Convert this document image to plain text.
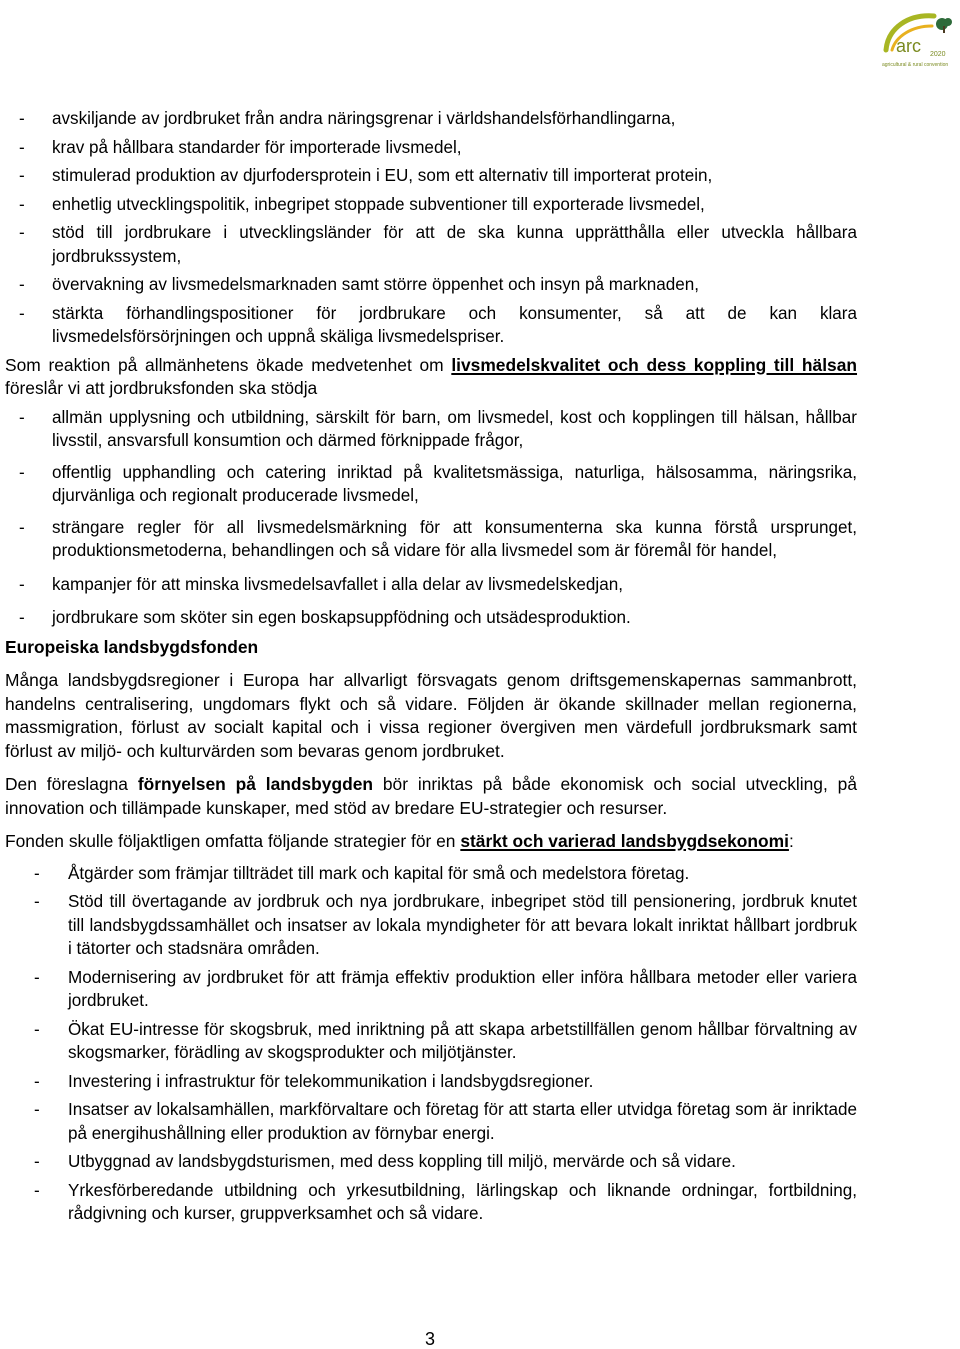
arc 2020
agricultural & rural convention
- avskiljande av jordbruket från andra näringsgrenar i världshandelsförhandlingarna,
- krav på hållbara standarder för importerade livsmedel,
- stimulerad produktion av djurfodersprotein i EU, som ett alternativ till importerat protein,
- enhetlig utvecklingspolitik, inbegripet stoppade subventioner till exporterade livsmedel,
- stöd till jordbrukare i utvecklingsländer för att de ska kunna upprätthålla eller utveckla hållbara jordbrukssystem,
- övervakning av livsmedelsmarknaden samt större öppenhet och insyn på marknaden,
- stärkta förhandlingspositioner för jordbrukare och konsumenter, så att de kan klara livsmedelsförsörjningen och uppnå skäliga livsmedelspriser.

Som reaktion på allmänhetens ökade medvetenhet om livsmedelskvalitet och dess koppling till hälsan föreslår vi att jordbruksfonden ska stödja

- allmän upplysning och utbildning, särskilt för barn, om livsmedel, kost och kopplingen till hälsan, hållbar livsstil, ansvarsfull konsumtion och därmed förknippade frågor,
- offentlig upphandling och catering inriktad på kvalitetsmässiga, naturliga, hälsosamma, näringsrika, djurvänliga och regionalt producerade livsmedel,
- strängare regler för all livsmedelsmärkning för att konsumenterna ska kunna förstå ursprunget, produktionsmetoderna, behandlingen och så vidare för alla livsmedel som är föremål för handel,
- kampanjer för att minska livsmedelsavfallet i alla delar av livsmedelskedjan,
- jordbrukare som sköter sin egen boskapsuppfödning och utsädesproduktion.
Europeiska landsbygdsfonden

Många landsbygdsregioner i Europa har allvarligt försvagats genom driftsgemenskapernas sammanbrott, handelns centralisering, ungdomars flykt och så vidare. Följden är ökande skillnader mellan regionerna, massmigration, förlust av socialt kapital och i vissa regioner övergiven men värdefull jordbruksmark samt förlust av miljö- och kulturvärden som bevaras genom jordbruket.

Den föreslagna förnyelsen på landsbygden bör inriktas på både ekonomisk och social utveckling, på innovation och tillämpade kunskaper, med stöd av bredare EU-strategier och resurser.

Fonden skulle följaktligen omfatta följande strategier för en stärkt och varierad landsbygdsekonomi:

- Åtgärder som främjar tillträdet till mark och kapital för små och medelstora företag.
- Stöd till övertagande av jordbruk och nya jordbrukare, inbegripet stöd till pensionering, jordbruk knutet till landsbygdssamhället och insatser av lokala myndigheter för att bevara lokalt inriktat hållbart jordbruk i tätorter och stadsnära områden.
- Modernisering av jordbruket för att främja effektiv produktion eller införa hållbara metoder eller variera jordbruket.
- Ökat EU-intresse för skogsbruk, med inriktning på att skapa arbetstillfällen genom hållbar förvaltning av skogsmarker, förädling av skogsprodukter och miljötjänster.
- Investering i infrastruktur för telekommunikation i landsbygdsregioner.
- Insatser av lokalsamhällen, markförvaltare och företag för att starta eller utvidga företag som är inriktade på energihushållning eller produktion av förnybar energi.
- Utbyggnad av landsbygdsturismen, med dess koppling till miljö, mervärde och så vidare.
- Yrkesförberedande utbildning och yrkesutbildning, lärlingskap och liknande ordningar, fortbildning, rådgivning och kurser, gruppverksamhet och så vidare.
3
